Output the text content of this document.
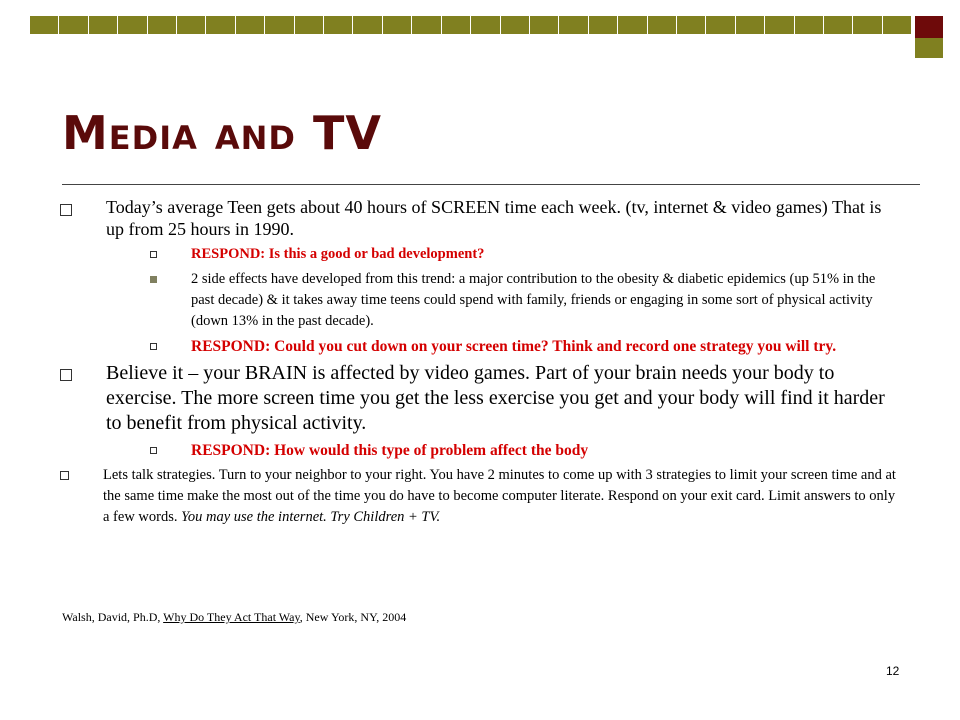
Media and TV
Today’s average Teen gets about 40 hours of SCREEN time each week. (tv, internet & video games) That is up from 25 hours in 1990.
RESPOND: Is this a good or bad development?
2 side effects have developed from this trend: a major contribution to the obesity & diabetic epidemics (up 51% in the past decade) & it takes away time teens could spend with family, friends or engaging in some sort of physical activity (down 13% in the past decade).
RESPOND: Could you cut down on your screen time? Think and record one strategy you will try.
Believe it – your BRAIN is affected by video games. Part of your brain needs your body to exercise. The more screen time you get the less exercise you get and your body will find it harder to benefit from physical activity.
RESPOND: How would this type of problem affect the body
Lets talk strategies. Turn to your neighbor to your right. You have 2 minutes to come up with 3 strategies to limit your screen time and at the same time make the most out of the time you do have to become computer literate. Respond on your exit card. Limit answers to only a few words. You may use the internet. Try Children + TV.
Walsh, David, Ph.D, Why Do They Act That Way, New York, NY, 2004
12
